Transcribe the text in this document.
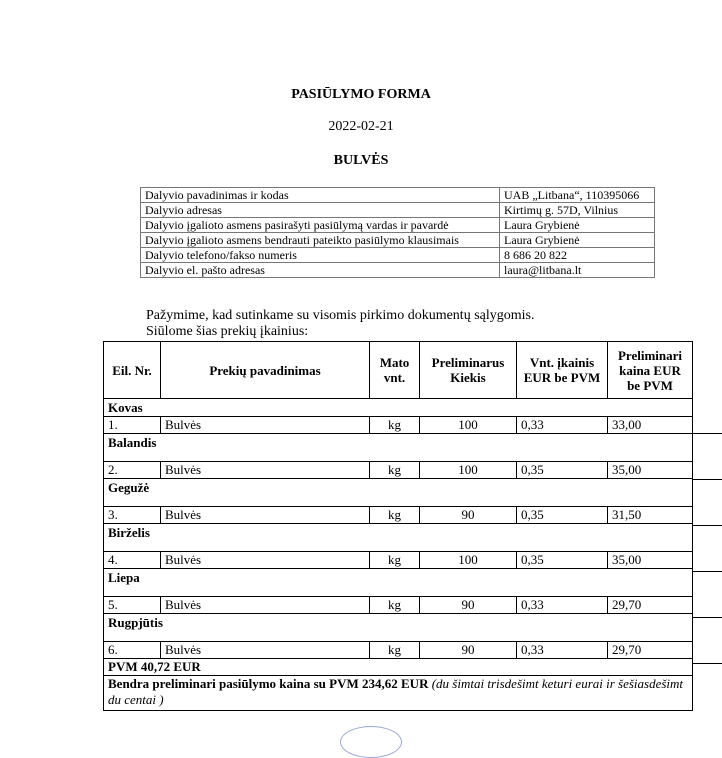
PASIŪLYMO FORMA
2022-02-21
BULVĖS
Dalyvio pavadinimas ir kodas	UAB „Litbana“, 110395066
Dalyvio adresas	Kirtimų g. 57D, Vilnius
Dalyvio įgalioto asmens pasirašyti pasiūlymą vardas ir pavardė	Laura Grybienė
Dalyvio įgalioto asmens bendrauti pateikto pasiūlymo klausimais	Laura Grybienė
Dalyvio telefono/fakso numeris	8 686 20 822
Dalyvio el. pašto adresas	laura@litbana.lt
Pažymime, kad sutinkame su visomis pirkimo dokumentų sąlygomis.
Siūlome šias prekių įkainius:
Eil. Nr.	Prekių pavadinimas	Mato vnt.	Preliminarus Kiekis	Vnt. įkainis EUR be PVM	Preliminari kaina EUR be PVM
Kovas					
1.	Bulvės	kg	100	0,33	33,00
Balandis					

2.	Bulvės	kg	100	0,35	35,00
Gegužė					

3.	Bulvės	kg	90	0,35	31,50
Birželis					

4.	Bulvės	kg	100	0,35	35,00
Liepa					

5.	Bulvės	kg	90	0,33	29,70
Rugpjūtis					

6.	Bulvės	kg	90	0,33	29,70
PVM 40,72 EUR					
Bendra preliminari pasiūlymo kaina su PVM 234,62 EUR (du šimtai trisdešimt keturi eurai ir šešiasdešimt du centai )					
